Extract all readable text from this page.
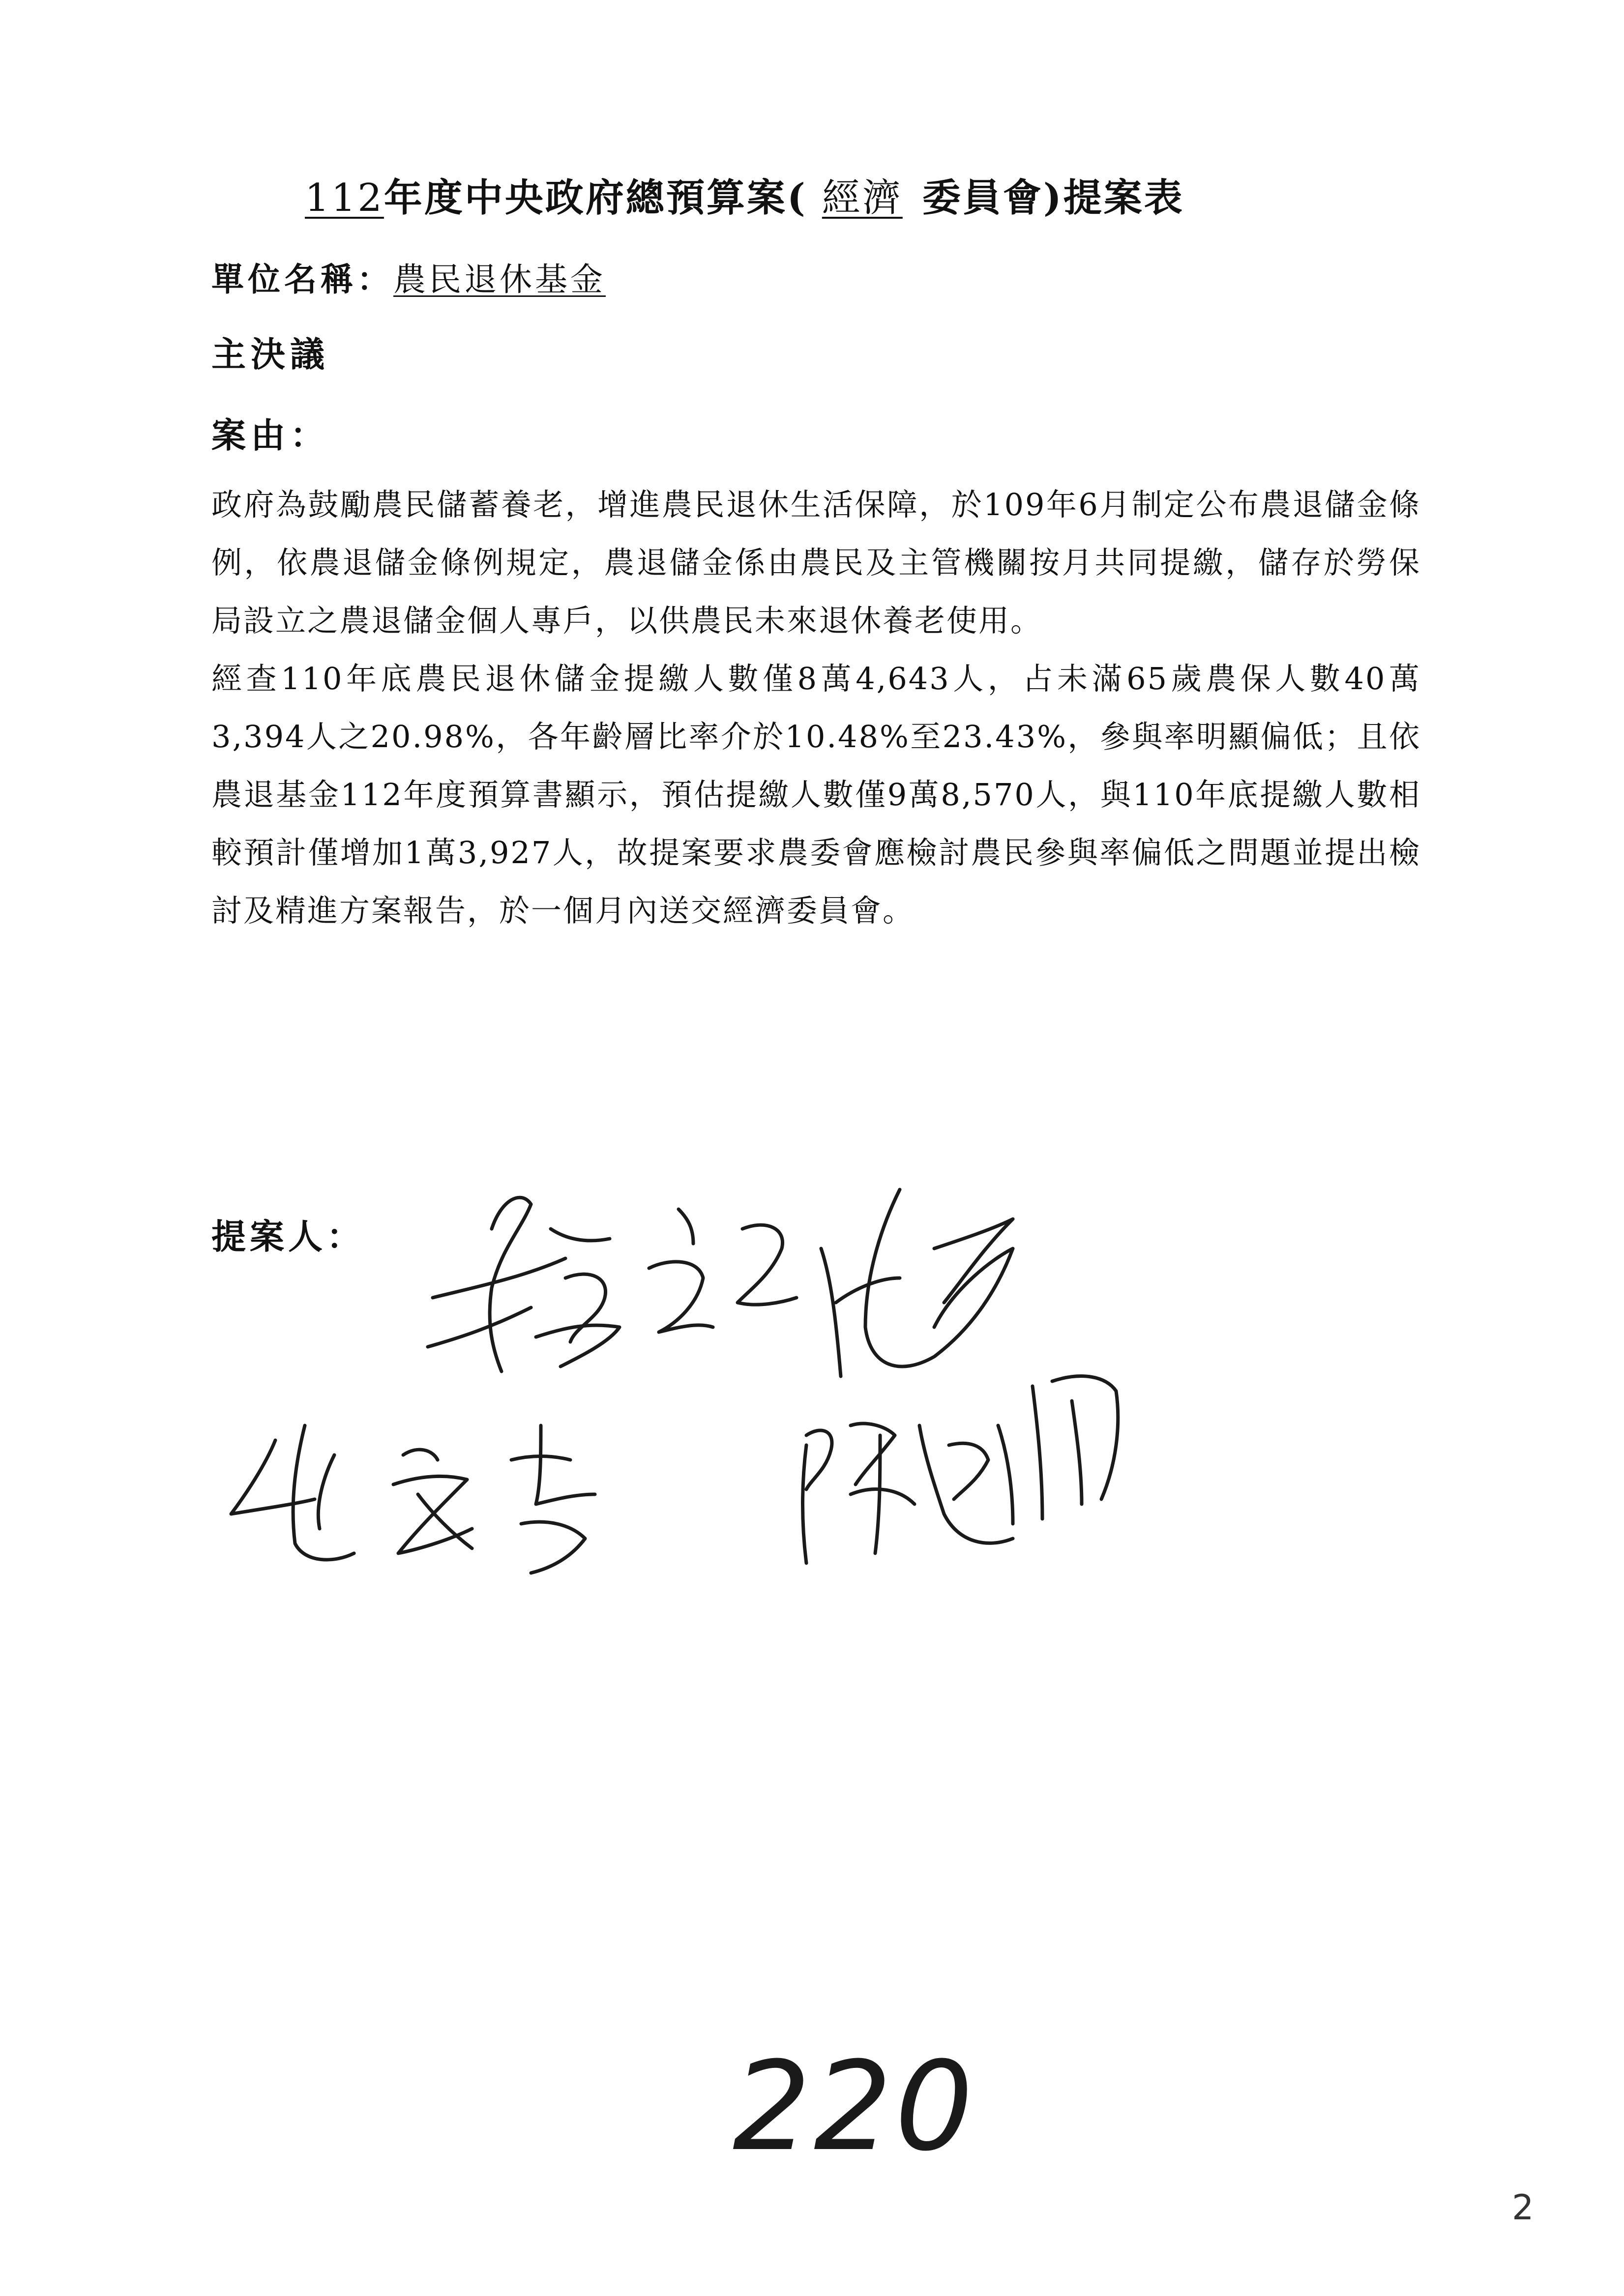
112年度中央政府總預算案( 經濟 委員會)提案表
單位名稱：農民退休基金
主決議
案由：

政府為鼓勵農民儲蓄養老，增進農民退休生活保障，於109年6月制定公布農退儲金條例，依農退儲金條例規定，農退儲金係由農民及主管機關按月共同提繳，儲存於勞保局設立之農退儲金個人專戶，以供農民未來退休養老使用。

經查110年底農民退休儲金提繳人數僅8萬4,643人，占未滿65歲農保人數40萬3,394人之20.98%，各年齡層比率介於10.48%至23.43%，參與率明顯偏低；且依農退基金112年度預算書顯示，預估提繳人數僅9萬8,570人，與110年底提繳人數相較預計僅增加1萬3,927人，故提案要求農委會應檢討農民參與率偏低之問題並提出檢討及精進方案報告，於一個月內送交經濟委員會。

提案人：
220
2
